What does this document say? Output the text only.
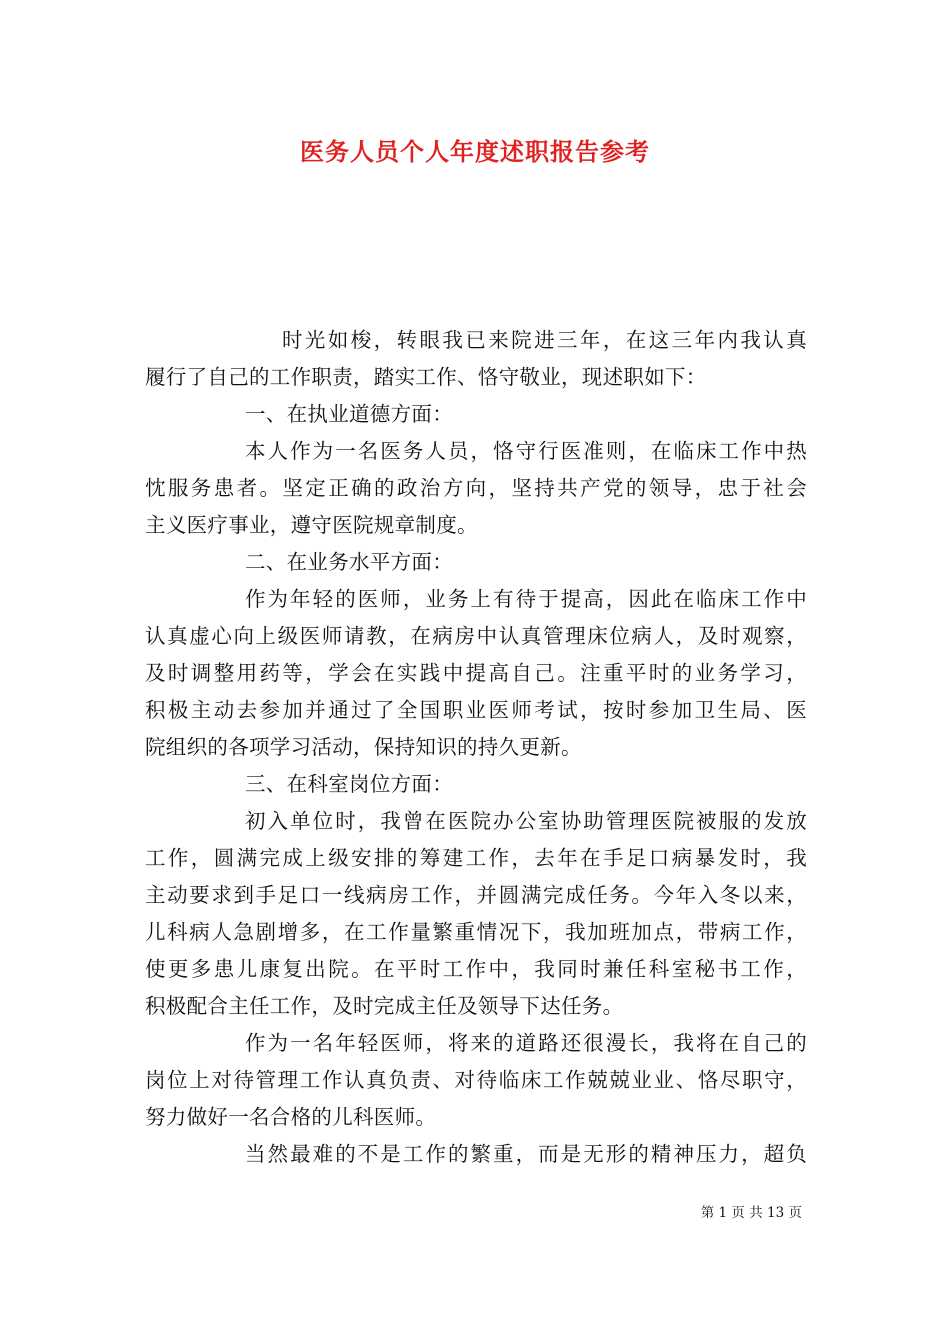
医务人员个人年度述职报告参考
时光如梭，转眼我已来院进三年，在这三年内我认真
履行了自己的工作职责，踏实工作、恪守敬业，现述职如下：
一、在执业道德方面：
本人作为一名医务人员，恪守行医准则，在临床工作中热
忱服务患者。坚定正确的政治方向，坚持共产党的领导，忠于社会
主义医疗事业，遵守医院规章制度。
二、在业务水平方面：
作为年轻的医师，业务上有待于提高，因此在临床工作中
认真虚心向上级医师请教，在病房中认真管理床位病人，及时观察，
及时调整用药等，学会在实践中提高自己。注重平时的业务学习，
积极主动去参加并通过了全国职业医师考试，按时参加卫生局、医
院组织的各项学习活动，保持知识的持久更新。
三、在科室岗位方面：
初入单位时，我曾在医院办公室协助管理医院被服的发放
工作，圆满完成上级安排的筹建工作，去年在手足口病暴发时，我
主动要求到手足口一线病房工作，并圆满完成任务。今年入冬以来，
儿科病人急剧增多，在工作量繁重情况下，我加班加点，带病工作，
使更多患儿康复出院。在平时工作中，我同时兼任科室秘书工作，
积极配合主任工作，及时完成主任及领导下达任务。
作为一名年轻医师，将来的道路还很漫长，我将在自己的
岗位上对待管理工作认真负责、对待临床工作兢兢业业、恪尽职守，
努力做好一名合格的儿科医师。
当然最难的不是工作的繁重，而是无形的精神压力，超负
第 1 页 共 13 页
